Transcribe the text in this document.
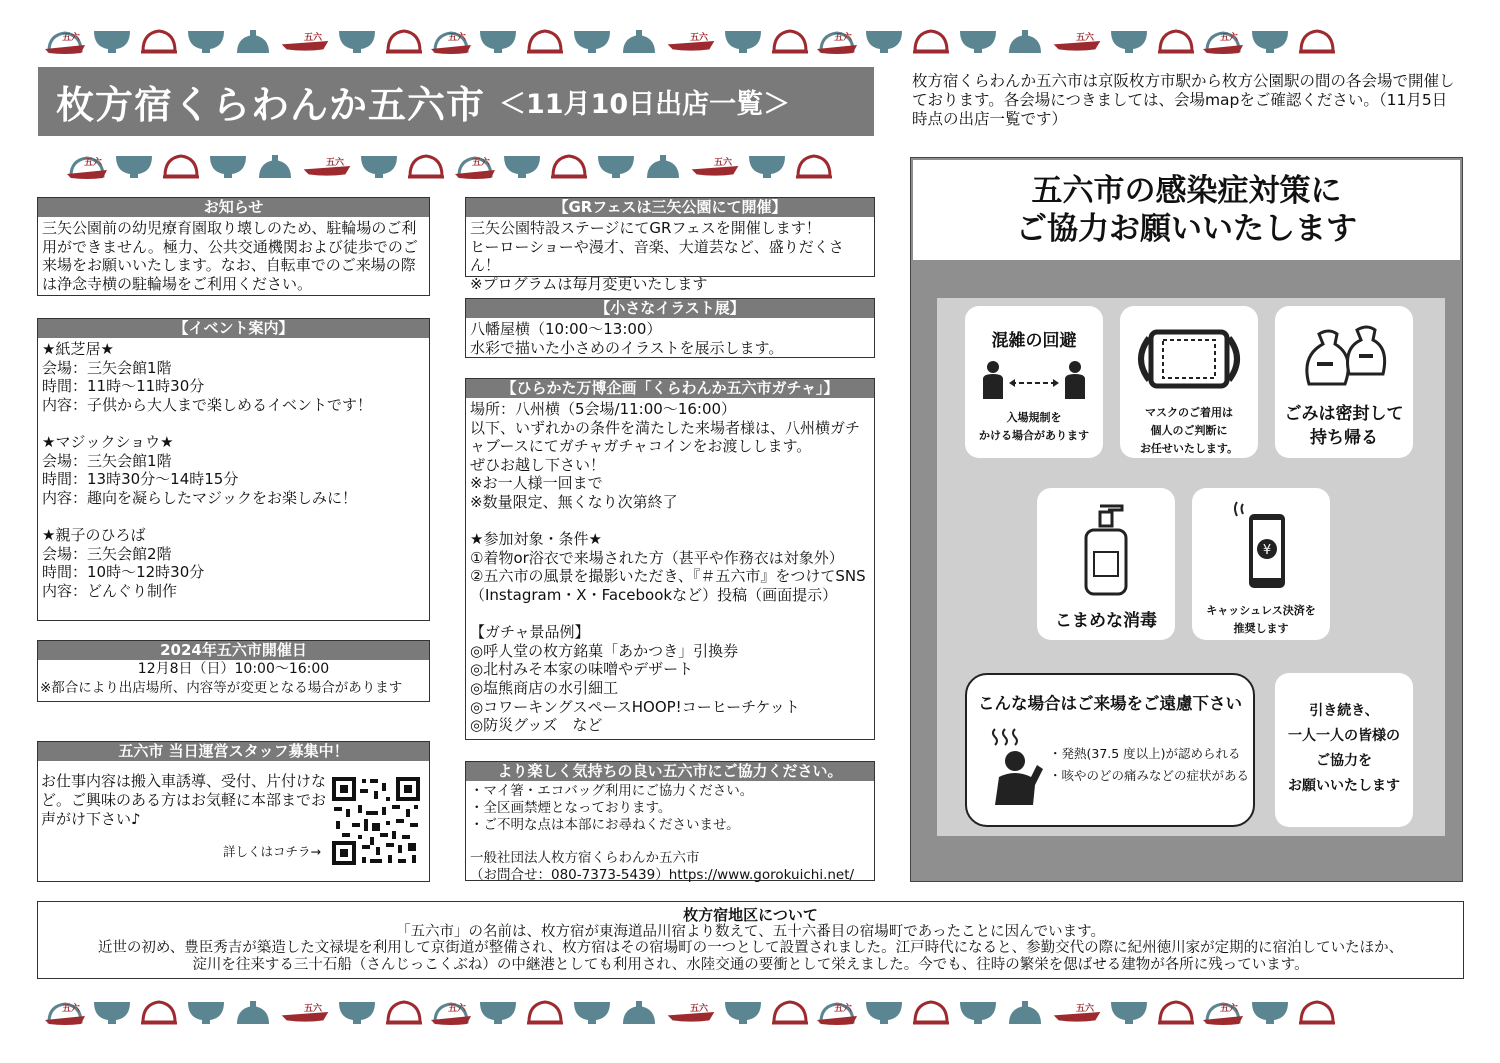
五六	五六	五六	五六	五六	五六	五六
枚方宿くらわんか五六市 ＜11月10日出店一覧＞
枚方宿くらわんか五六市は京阪枚方市駅から枚方公園駅の間の各会場で開催しております。各会場につきましては、会場mapをご確認ください。（11月5日時点の出店一覧です）
五六	五六	五六	五六
お知らせ
三矢公園前の幼児療育園取り壊しのため、駐輪場のご利用ができません。極力、公共交通機関および徒歩でのご来場をお願いいたします。なお、自転車でのご来場の際は浄念寺横の駐輪場をご利用ください。
【イベント案内】
★紙芝居★
会場：三矢会館1階
時間：11時～11時30分
内容：子供から大人まで楽しめるイベントです！

★マジックショウ★
会場：三矢会館1階
時間：13時30分～14時15分
内容：趣向を凝らしたマジックをお楽しみに！

★親子のひろば
会場：三矢会館2階
時間：10時～12時30分
内容：どんぐり制作
2024年五六市開催日
12月8日（日）10:00～16:00
※都合により出店場所、内容等が変更となる場合があります
五六市 当日運営スタッフ募集中！
お仕事内容は搬入車誘導、受付、片付けなど。ご興味のある方はお気軽に本部までお声がけ下さい♪
詳しくはコチラ→
【GRフェスは三矢公園にて開催】
三矢公園特設ステージにてGRフェスを開催します！
ヒーローショーや漫才、音楽、大道芸など、盛りだくさん！
※プログラムは毎月変更いたします
【小さなイラスト展】
八幡屋横（10:00～13:00）
水彩で描いた小さめのイラストを展示します。
【ひらかた万博企画「くらわんか五六市ガチャ」】
場所：八州横（5会場/11:00～16:00）
以下、いずれかの条件を満たした来場者様は、八州横ガチャブースにてガチャガチャコインをお渡しします。
ぜひお越し下さい！
※お一人様一回まで
※数量限定、無くなり次第終了

★参加対象・条件★
①着物or浴衣で来場された方（甚平や作務衣は対象外）
②五六市の風景を撮影いただき、『＃五六市』をつけてSNS（Instagram・X・Facebookなど）投稿（画面提示）

【ガチャ景品例】
◎呼人堂の枚方銘菓「あかつき」引換券
◎北村みそ本家の味噌やデザート
◎塩熊商店の水引細工
◎コワーキングスペースHOOP!コーヒーチケット
◎防災グッズ　など
より楽しく気持ちの良い五六市にご協力ください。
・マイ箸・エコバッグ利用にご協力ください。
・全区画禁煙となっております。
・ご不明な点は本部にお尋ねくださいませ。

一般社団法人枚方宿くらわんか五六市
（お問合せ：080-7373-5439）https://www.gorokuichi.net/
五六市の感染症対策に
ご協力お願いいたします
混雑の回避
入場規制を
かける場合があります
マスクのご着用は
個人のご判断に
お任せいたします。
ごみは密封して
持ち帰る
こまめな消毒
¥
キャッシュレス決済を
推奨します
こんな場合はご来場をご遠慮下さい
・発熱(37.5 度以上)が認められる
・咳やのどの痛みなどの症状がある
引き続き、
一人一人の皆様の
ご協力を
お願いいたします
枚方宿地区について
「五六市」の名前は、枚方宿が東海道品川宿より数えて、五十六番目の宿場町であったことに因んでいます。
近世の初め、豊臣秀吉が築造した文禄堤を利用して京街道が整備され、枚方宿はその宿場町の一つとして設置されました。江戸時代になると、参勤交代の際に紀州徳川家が定期的に宿泊していたほか、
淀川を往来する三十石船（さんじっこくぶね）の中継港としても利用され、水陸交通の要衝として栄えました。今でも、往時の繁栄を偲ばせる建物が各所に残っています。
五六	五六	五六	五六	五六	五六	五六
